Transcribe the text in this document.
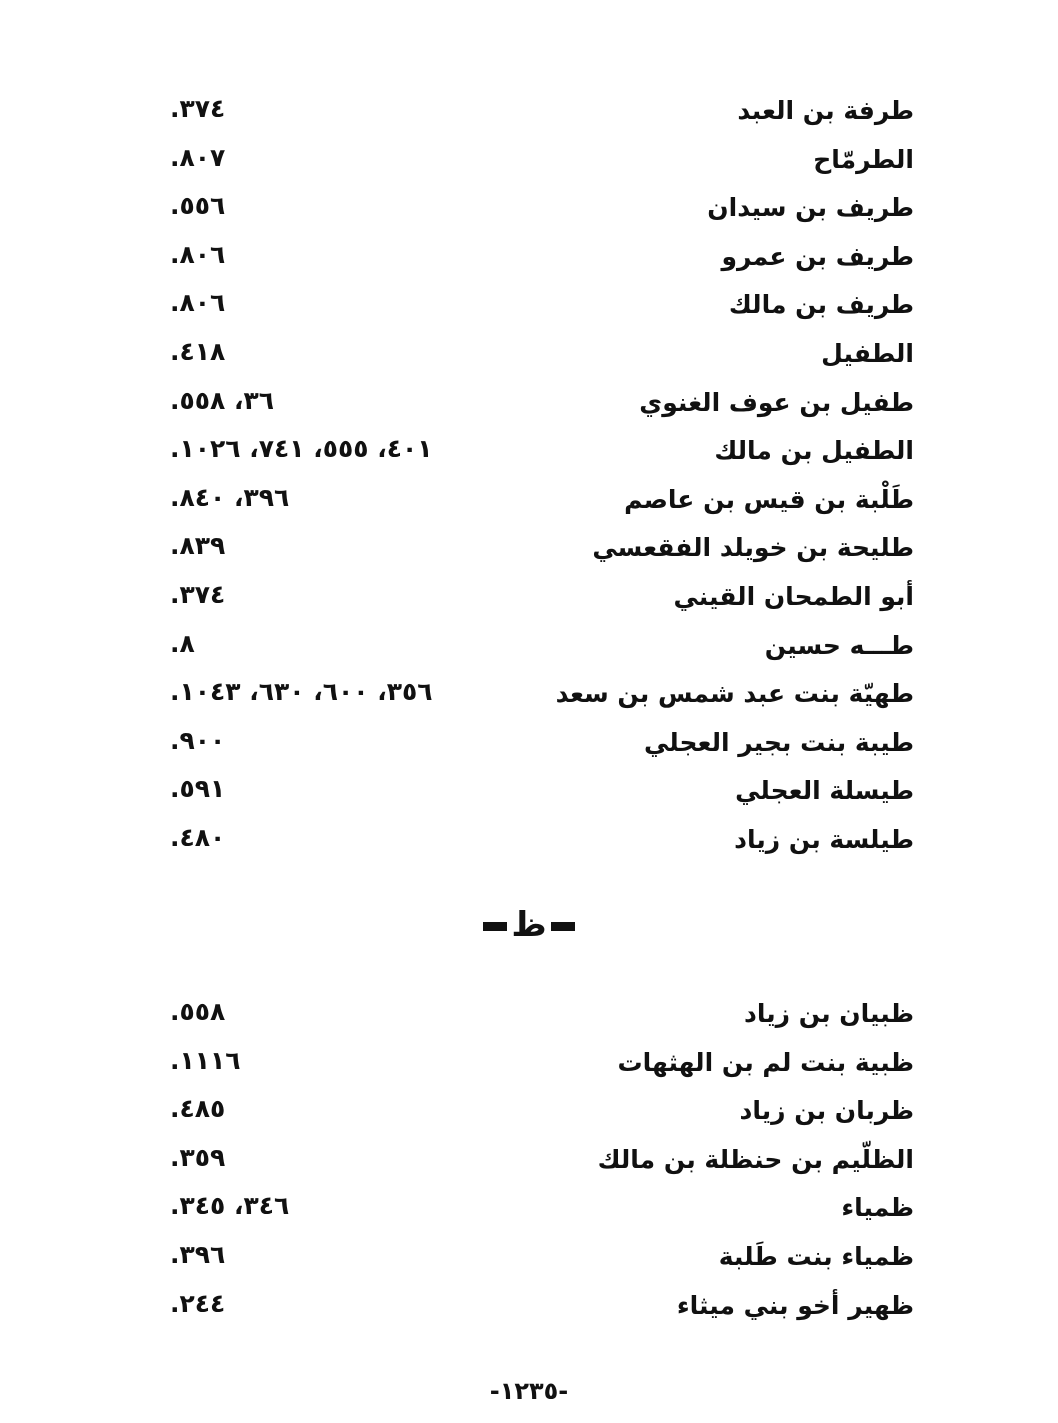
طرفة بن العبد
٣٧٤.
الطرمّاح
٨٠٧.
طريف بن سيدان
٥٥٦.
طريف بن عمرو
٨٠٦.
طريف بن مالك
٨٠٦.
الطفيل
٤١٨.
طفيل بن عوف الغنوي
٣٦، ٥٥٨.
الطفيل بن مالك
٤٠١، ٥٥٥، ٧٤١، ١٠٢٦.
طَلْبة بن قيس بن عاصم
٣٩٦، ٨٤٠.
طليحة بن خويلد الفقعسي
٨٣٩.
أبو الطمحان القيني
٣٧٤.
طـــه حسين
٨.
طهيّة بنت عبد شمس بن سعد
٣٥٦، ٦٠٠، ٦٣٠، ١٠٤٣.
طيبة بنت بجير العجلي
٩٠٠.
طيسلة العجلي
٥٩١.
طيلسة بن زياد
٤٨٠.
ظ
ظبيان بن زياد
٥٥٨.
ظبية بنت لم بن الهثهات
١١١٦.
ظربان بن زياد
٤٨٥.
الظلّيم بن حنظلة بن مالك
٣٥٩.
ظمياء
٣٤٦، ٣٤٥.
ظمياء بنت طَلبة
٣٩٦.
ظهير أخو بني ميثاء
٢٤٤.
-١٢٣٥-
